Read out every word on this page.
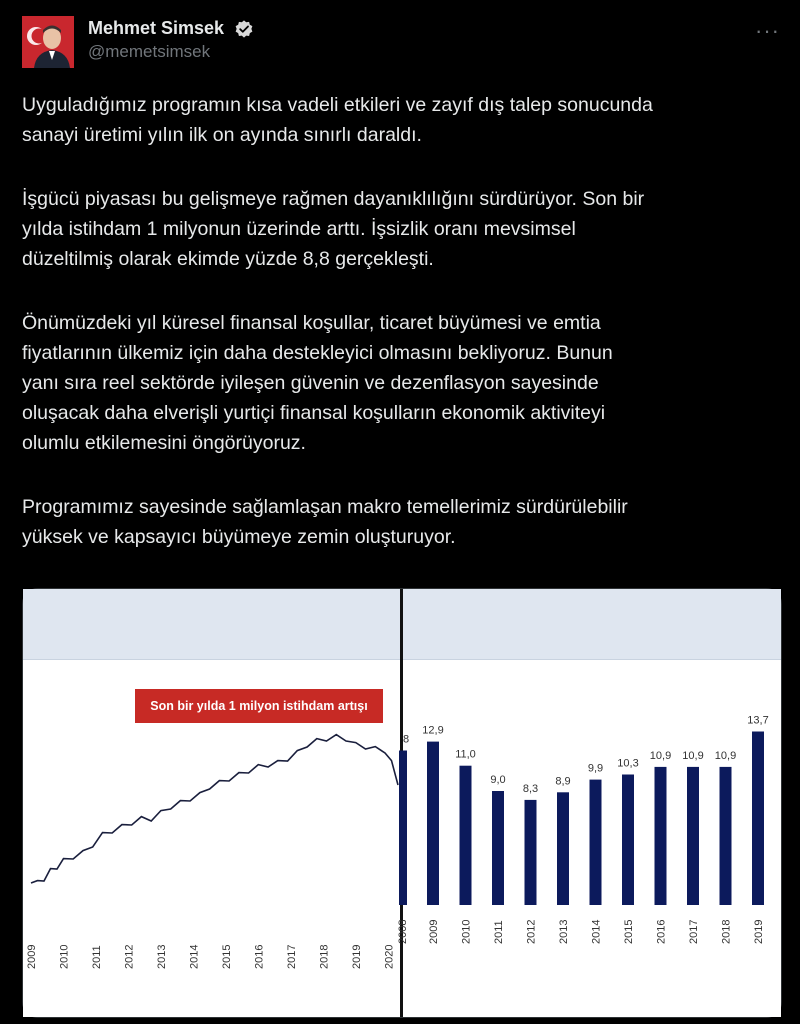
Mehmet Simsek
@memetsimsek
···

Uyguladığımız programın kısa vadeli etkileri ve zayıf dış talep sonucunda
sanayi üretimi yılın ilk on ayında sınırlı daraldı.

İşgücü piyasası bu gelişmeye rağmen dayanıklılığını sürdürüyor. Son bir
yılda istihdam 1 milyonun üzerinde arttı. İşsizlik oranı mevsimsel
düzeltilmiş olarak ekimde yüzde 8,8 gerçekleşti.

Önümüzdeki yıl küresel finansal koşullar, ticaret büyümesi ve emtia
fiyatlarının ülkemiz için daha destekleyici olmasını bekliyoruz. Bunun
yanı sıra reel sektörde iyileşen güvenin ve dezenflasyon sayesinde
oluşacak daha elverişli yurtiçi finansal koşulların ekonomik aktiviteyi
olumlu etkilemesini öngörüyoruz.

Programımız sayesinde sağlamlaşan makro temellerimiz sürdürülebilir
yüksek ve kapsayıcı büyümeye zemin oluşturuyor.

Son bir yılda 1 milyon istihdam artışı
2009 2010 2011 2012 2013 2014 2015 2016 2017 2018 2019 2020
8
2008
12,9
2009
11,0
2010
9,0
2011
8,3
2012
8,9
2013
9,9
2014
10,3
2015
10,9
2016
10,9
2017
10,9
2018
13,7
2019
